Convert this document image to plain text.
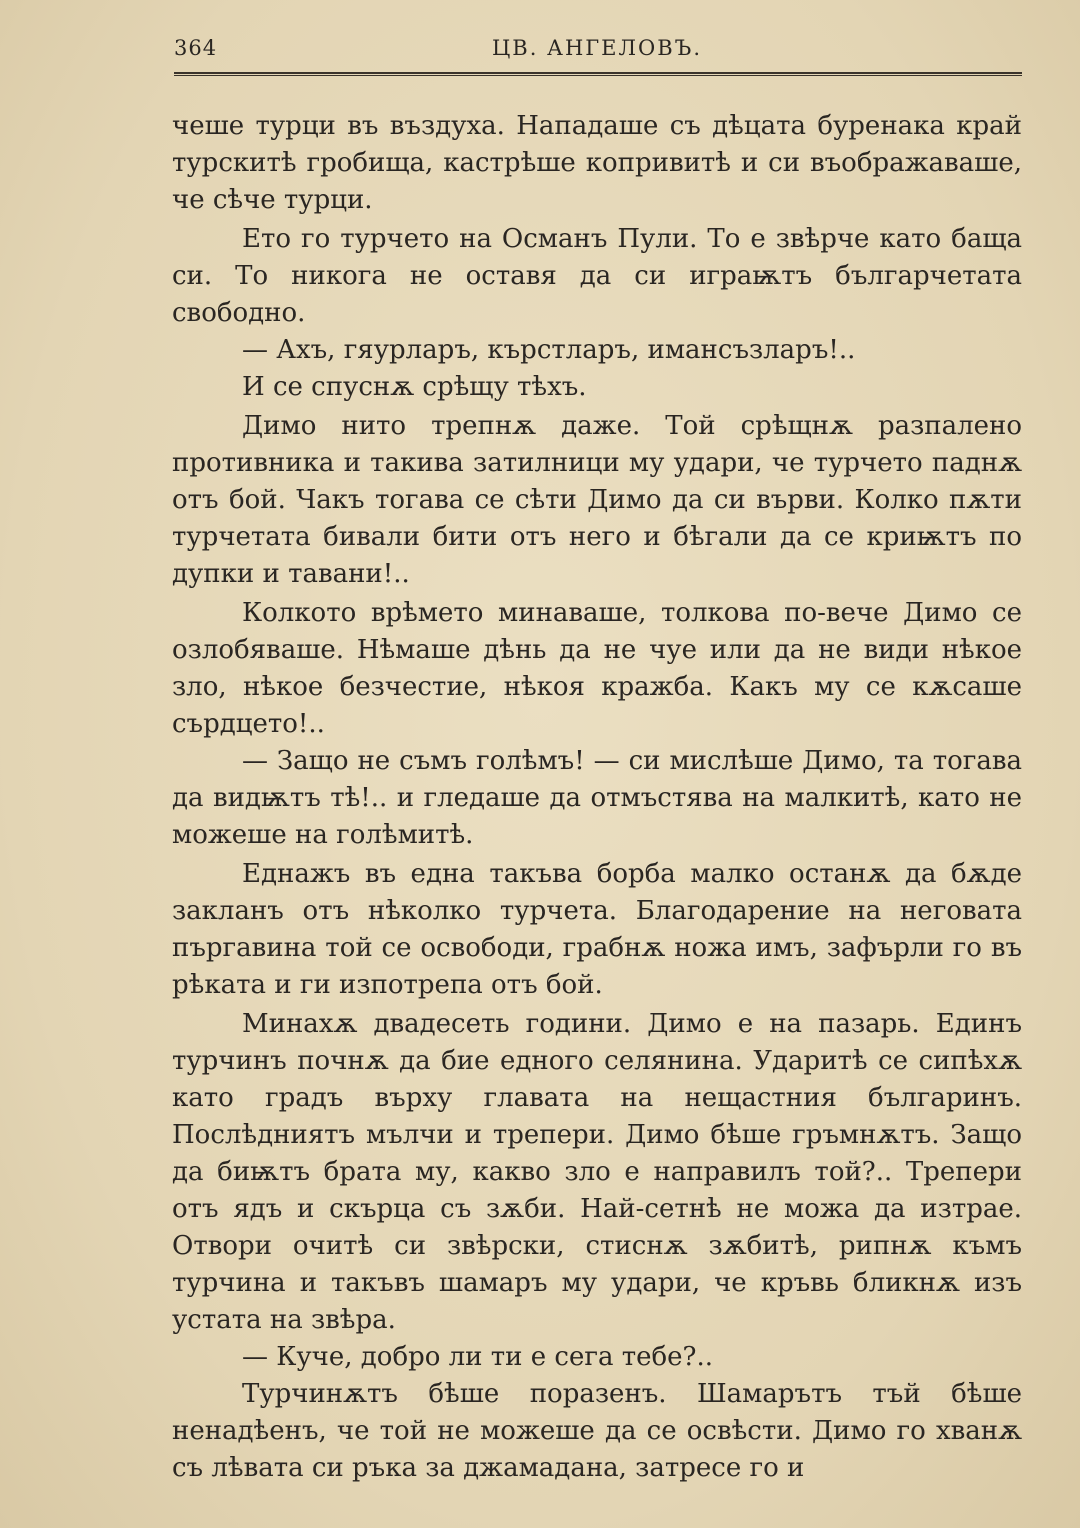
364	ЦВ. АНГЕЛОВЪ.

чеше турци въ въздуха. Нападаше съ дѣцата буренака край турскитѣ гробища, кастрѣше копривитѣ и си въображаваше, че сѣче турци.

Ето го турчето на Османъ Пули. То е звѣрче като баща си. То никога не оставя да си играѭтъ българчетата свободно.

— Ахъ, гяурларъ, кърстларъ, имансъзларъ!..

И се спуснѫ срѣщу тѣхъ.

Димо нито трепнѫ даже. Той срѣщнѫ разпалено противника и такива затилници му удари, че турчето паднѫ отъ бой. Чакъ тогава се сѣти Димо да си върви. Колко пѫти турчетата бивали бити отъ него и бѣгали да се криѭтъ по дупки и тавани!..

Колкото врѣмето минаваше, толкова по-вече Димо се озлобяваше. Нѣмаше дѣнь да не чуе или да не види нѣкое зло, нѣкое безчестие, нѣкоя кражба. Какъ му се кѫсаше сърдцето!..

— Защо не съмъ голѣмъ! — си мислѣше Димо, та тогава да видѭтъ тѣ!.. и гледаше да отмъстява на малкитѣ, като не можеше на голѣмитѣ.

Еднажъ въ една такъва борба малко останѫ да бѫде закланъ отъ нѣколко турчета. Благодарение на неговата пъргавина той се освободи, грабнѫ ножа имъ, зафърли го въ рѣката и ги изпотрепа отъ бой.

Минахѫ двадесеть години. Димо е на пазарь. Единъ турчинъ почнѫ да бие едного селянина. Ударитѣ се сипѣхѫ като градъ върху главата на нещастния българинъ. Послѣдниятъ мълчи и трепери. Димо бѣше гръмнѫтъ. Защо да биѭтъ брата му, какво зло е направилъ той?.. Трепери отъ ядъ и скърца съ зѫби. Най-сетнѣ не можа да изтрае. Отвори очитѣ си звѣрски, стиснѫ зѫбитѣ, рипнѫ къмъ турчина и такъвъ шамаръ му удари, че кръвь бликнѫ изъ устата на звѣра.

— Куче, добро ли ти е сега тебе?..

Турчинѫтъ бѣше поразенъ. Шамарътъ тъй бѣше ненадѣенъ, че той не можеше да се освѣсти. Димо го хванѫ съ лѣвата си ръка за джамадана, затресе го и
